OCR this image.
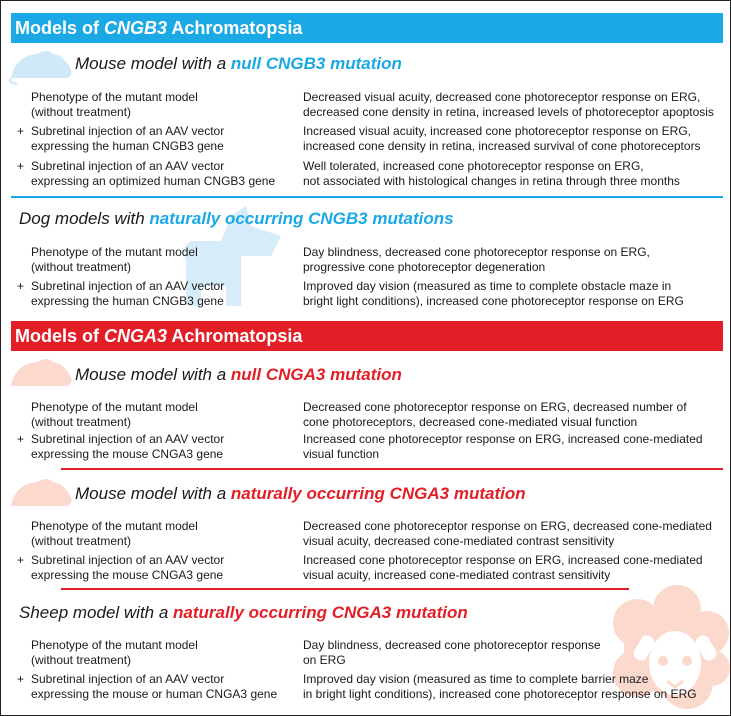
Models of CNGB3 Achromatopsia
Mouse model with a null CNGB3 mutation
Phenotype of the mutant model
(without treatment)
Decreased visual acuity, decreased cone photoreceptor response on ERG,
decreased cone density in retina, increased levels of photoreceptor apoptosis
+ Subretinal injection of an AAV vector
expressing the human CNGB3 gene
Increased visual acuity, increased cone photoreceptor response on ERG,
increased cone density in retina, increased survival of cone photoreceptors
+ Subretinal injection of an AAV vector
expressing an optimized human CNGB3 gene
Well tolerated, increased cone photoreceptor response on ERG,
not associated with histological changes in retina through three months
Dog models with naturally occurring CNGB3 mutations
Phenotype of the mutant model
(without treatment)
Day blindness, decreased cone photoreceptor response on ERG,
progressive cone photoreceptor degeneration
+ Subretinal injection of an AAV vector
expressing the human CNGB3 gene
Improved day vision (measured as time to complete obstacle maze in
bright light conditions), increased cone photoreceptor response on ERG
Models of CNGA3 Achromatopsia
Mouse model with a null CNGA3 mutation
Phenotype of the mutant model
(without treatment)
Decreased cone photoreceptor response on ERG, decreased number of
cone photoreceptors, decreased cone-mediated visual function
+ Subretinal injection of an AAV vector
expressing the mouse CNGA3 gene
Increased cone photoreceptor response on ERG, increased cone-mediated
visual function
Mouse model with a naturally occurring CNGA3 mutation
Phenotype of the mutant model
(without treatment)
Decreased cone photoreceptor response on ERG, decreased cone-mediated
visual acuity, decreased cone-mediated contrast sensitivity
+ Subretinal injection of an AAV vector
expressing the mouse CNGA3 gene
Increased cone photoreceptor response on ERG, increased cone-mediated
visual acuity, increased cone-mediated contrast sensitivity
Sheep model with a naturally occurring CNGA3 mutation
Phenotype of the mutant model
(without treatment)
Day blindness, decreased cone photoreceptor response
on ERG
+ Subretinal injection of an AAV vector
expressing the mouse or human CNGA3 gene
Improved day vision (measured as time to complete barrier maze
in bright light conditions), increased cone photoreceptor response on ERG
